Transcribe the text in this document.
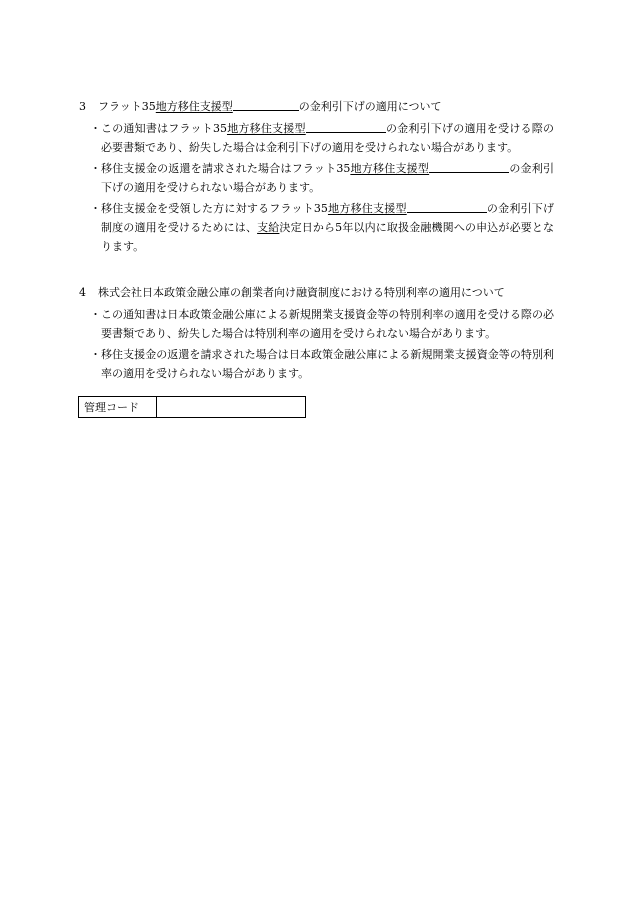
3 フラット35地方移住支援型	の金利引下げの適用について
・ この通知書はフラット35地方移住支援型	の金利引下げの適用を受ける際の必要書類であり、紛失した場合は金利引下げの適用を受けられない場合があります。
・ 移住支援金の返還を請求された場合はフラット35地方移住支援型	の金利引下げの適用を受けられない場合があります。
・ 移住支援金を受領した方に対するフラット35地方移住支援型	の金利引下げ制度の適用を受けるためには、支給決定日から5年以内に取扱金融機関への申込が必要となります。
4 株式会社日本政策金融公庫の創業者向け融資制度における特別利率の適用について
・ この通知書は日本政策金融公庫による新規開業支援資金等の特別利率の適用を受ける際の必要書類であり、紛失した場合は特別利率の適用を受けられない場合があります。
・ 移住支援金の返還を請求された場合は日本政策金融公庫による新規開業支援資金等の特別利率の適用を受けられない場合があります。
管理コード	
